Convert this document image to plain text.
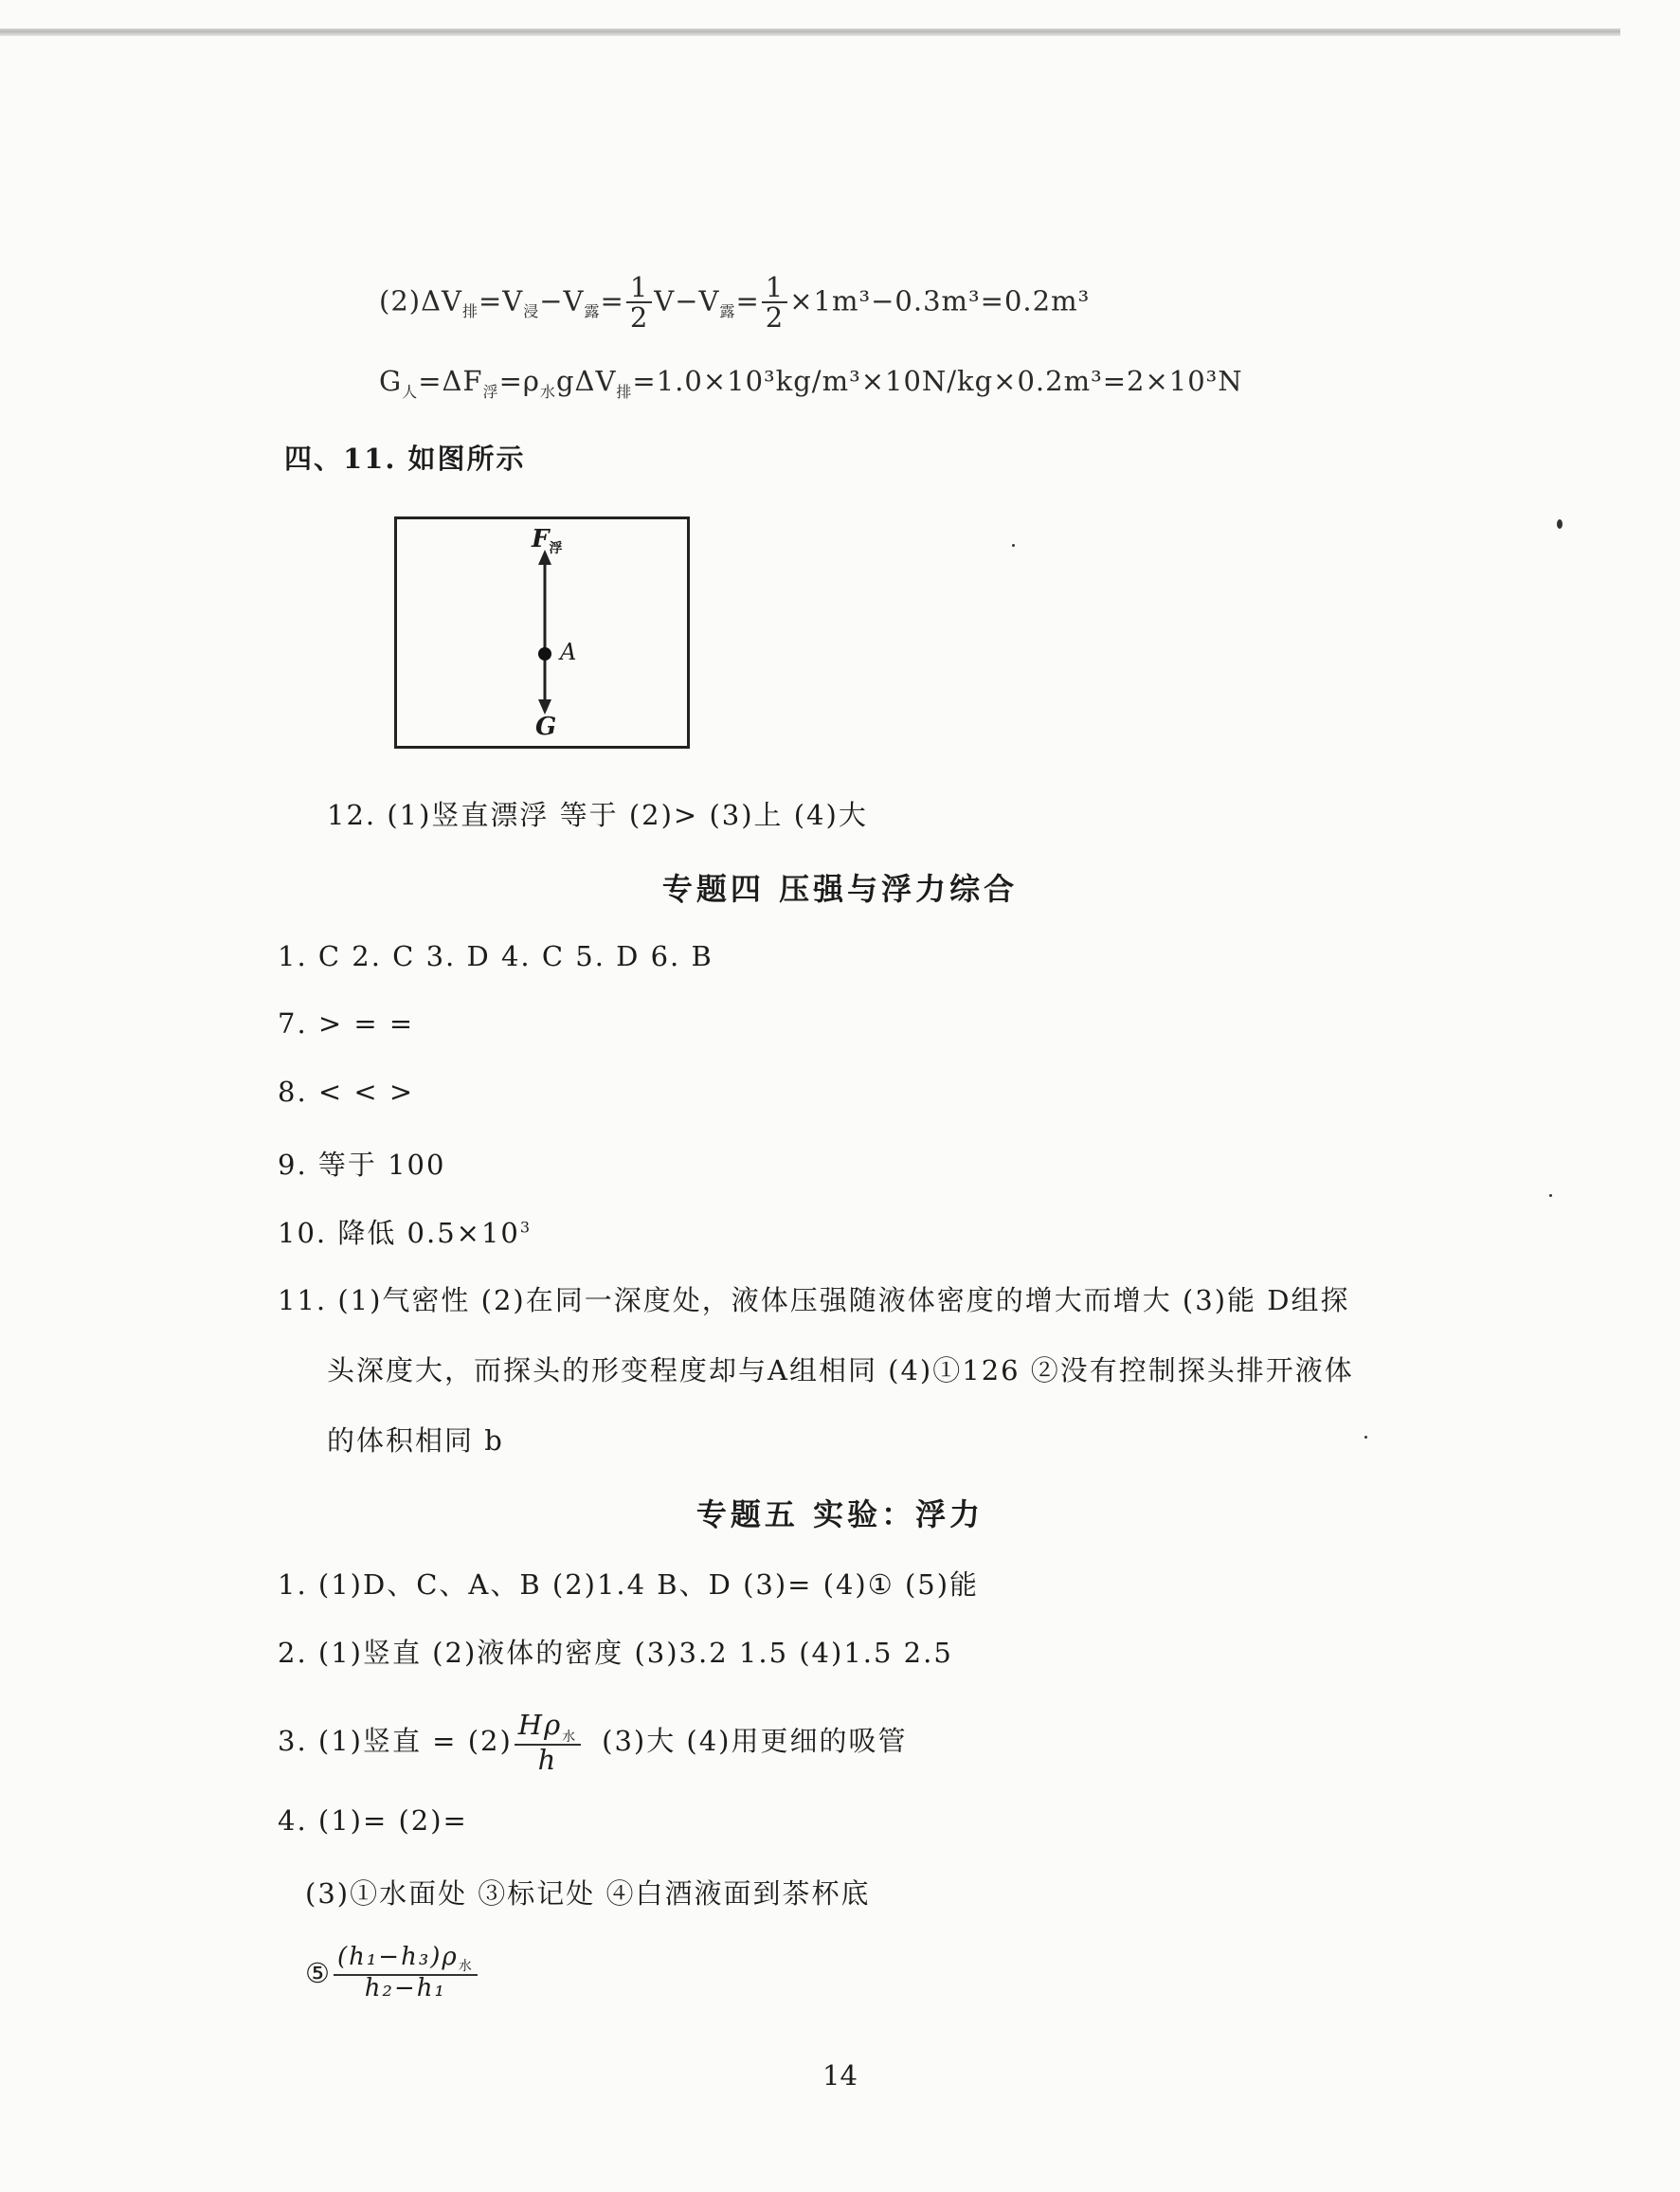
$(2)\Delta V_排=V_浸-V_露= \frac{1}{2} V-V_露= \frac{1}{2} \times 1m^3-0.3m^3=0.2m^3$
$G_人=\Delta F_浮=\rho_水g\Delta V_排=1.0\times 10^3kg/m^3\times 10N/kg\times 0.2m^3=2\times 10^3N$
四、11. 如图所示
$F_浮$
A
G
12. (1)竖直漂浮 等于 (2)> (3)上 (4)大
专题四 压强与浮力综合
1. C 2. C 3. D 4. C 5. D 6. B
7. > = =
8. < < >
9. 等于 100
10. 降低 $0.5\times 10^3$
11. (1)气密性 (2)在同一深度处，液体压强随液体密度的增大而增大 (3)能 D组探
头深度大，而探头的形变程度却与A组相同 (4)①126 ②没有控制探头排开液体
的体积相同 b
专题五 实验：浮力
1. (1)D、C、A、B (2)1.4 B、D (3)= (4)① (5)能
2. (1)竖直 (2)液体的密度 (3)3.2 1.5 (4)1.5 2.5
3. (1)竖直 = $(2) \frac{H\rho_水}{h} (3)$大 (4)用更细的吸管
4. (1)= (2)=
(3)①水面处 ③标记处 ④白酒液面到茶杯底
⑤ $\frac{(h_1-h_3)\rho_水}{\text{h₂−h₁}}$
14
